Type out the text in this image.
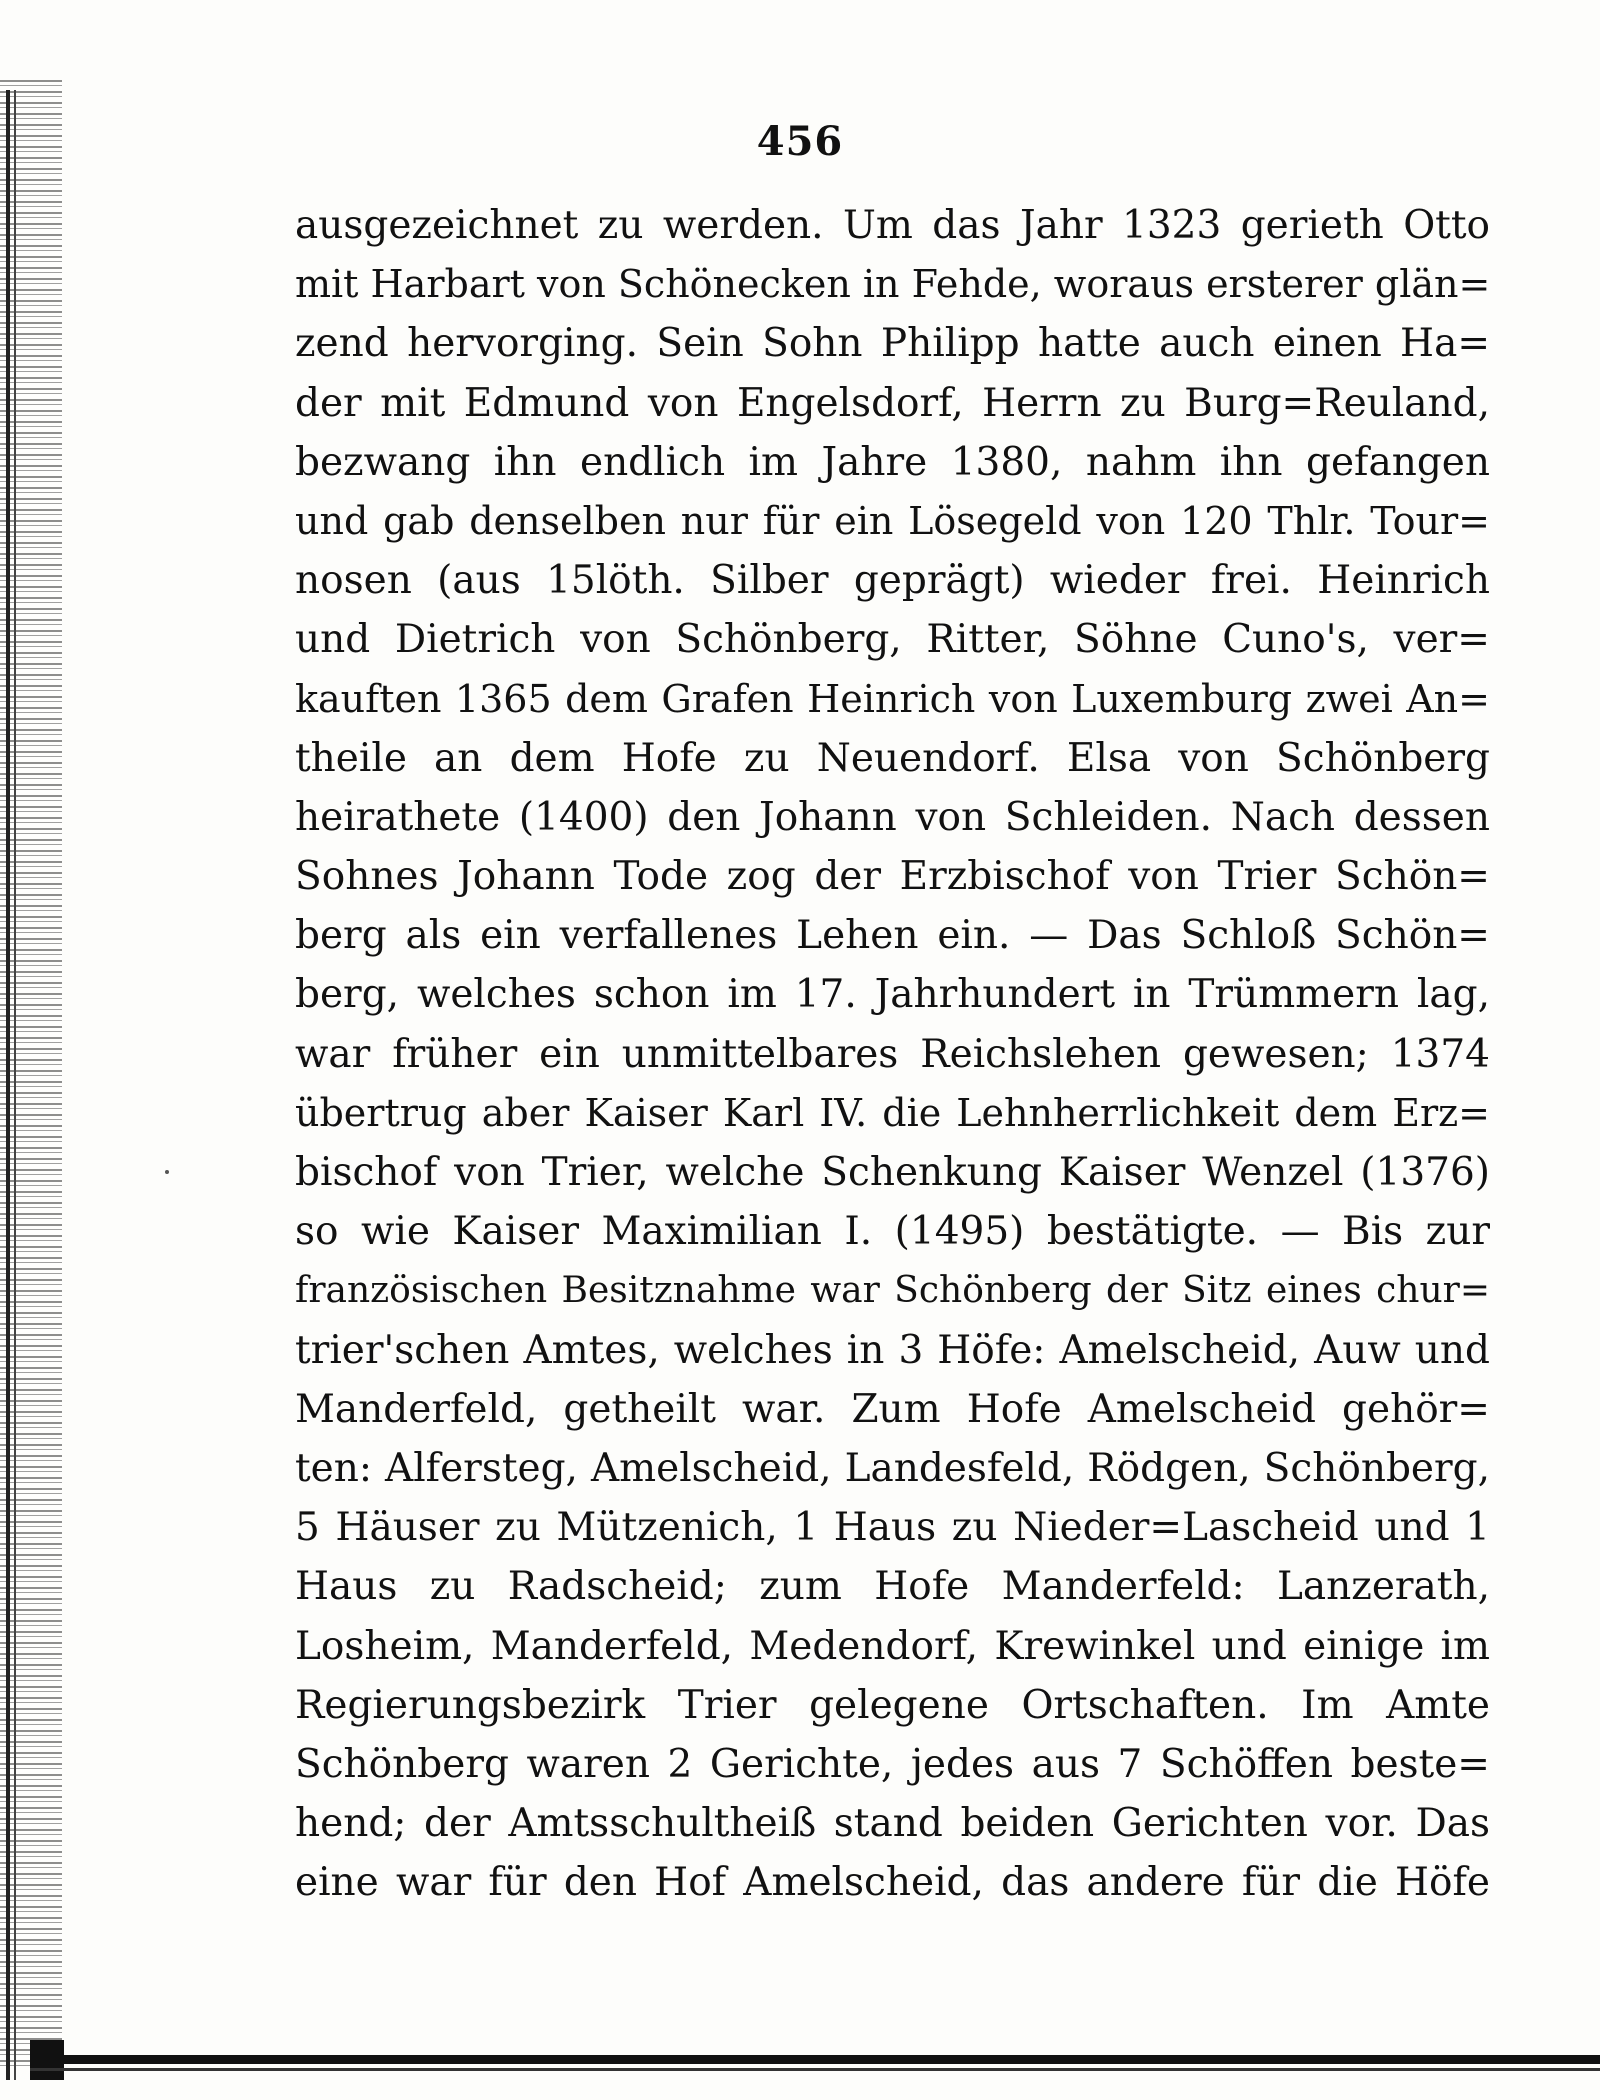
456
ausgezeichnet zu werden. Um das Jahr 1323 gerieth Otto
mit Harbart von Schönecken in Fehde, woraus ersterer glän=
zend hervorging. Sein Sohn Philipp hatte auch einen Ha=
der mit Edmund von Engelsdorf, Herrn zu Burg=Reuland,
bezwang ihn endlich im Jahre 1380, nahm ihn gefangen
und gab denselben nur für ein Lösegeld von 120 Thlr. Tour=
nosen (aus 15löth. Silber geprägt) wieder frei. Heinrich
und Dietrich von Schönberg, Ritter, Söhne Cuno's, ver=
kauften 1365 dem Grafen Heinrich von Luxemburg zwei An=
theile an dem Hofe zu Neuendorf. Elsa von Schönberg
heirathete (1400) den Johann von Schleiden. Nach dessen
Sohnes Johann Tode zog der Erzbischof von Trier Schön=
berg als ein verfallenes Lehen ein. — Das Schloß Schön=
berg, welches schon im 17. Jahrhundert in Trümmern lag,
war früher ein unmittelbares Reichslehen gewesen; 1374
übertrug aber Kaiser Karl IV. die Lehnherrlichkeit dem Erz=
bischof von Trier, welche Schenkung Kaiser Wenzel (1376)
so wie Kaiser Maximilian I. (1495) bestätigte. — Bis zur
französischen Besitznahme war Schönberg der Sitz eines chur=
trier'schen Amtes, welches in 3 Höfe: Amelscheid, Auw und
Manderfeld, getheilt war. Zum Hofe Amelscheid gehör=
ten: Alfersteg, Amelscheid, Landesfeld, Rödgen, Schönberg,
5 Häuser zu Mützenich, 1 Haus zu Nieder=Lascheid und 1
Haus zu Radscheid; zum Hofe Manderfeld: Lanzerath,
Losheim, Manderfeld, Medendorf, Krewinkel und einige im
Regierungsbezirk Trier gelegene Ortschaften. Im Amte
Schönberg waren 2 Gerichte, jedes aus 7 Schöffen beste=
hend; der Amtsschultheiß stand beiden Gerichten vor. Das
eine war für den Hof Amelscheid, das andere für die Höfe
